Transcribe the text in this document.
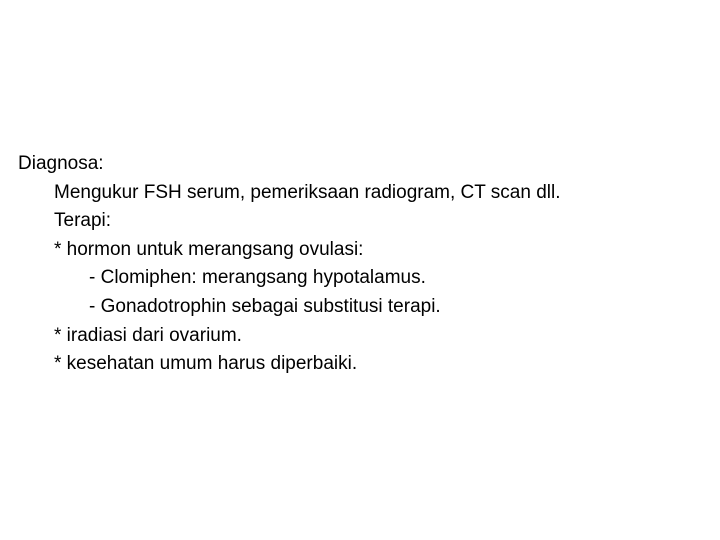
Diagnosa:
Mengukur FSH serum, pemeriksaan radiogram, CT scan dll.
Terapi:
* hormon untuk merangsang ovulasi:
- Clomiphen: merangsang hypotalamus.
- Gonadotrophin sebagai substitusi terapi.
* iradiasi dari ovarium.
* kesehatan umum harus diperbaiki.
